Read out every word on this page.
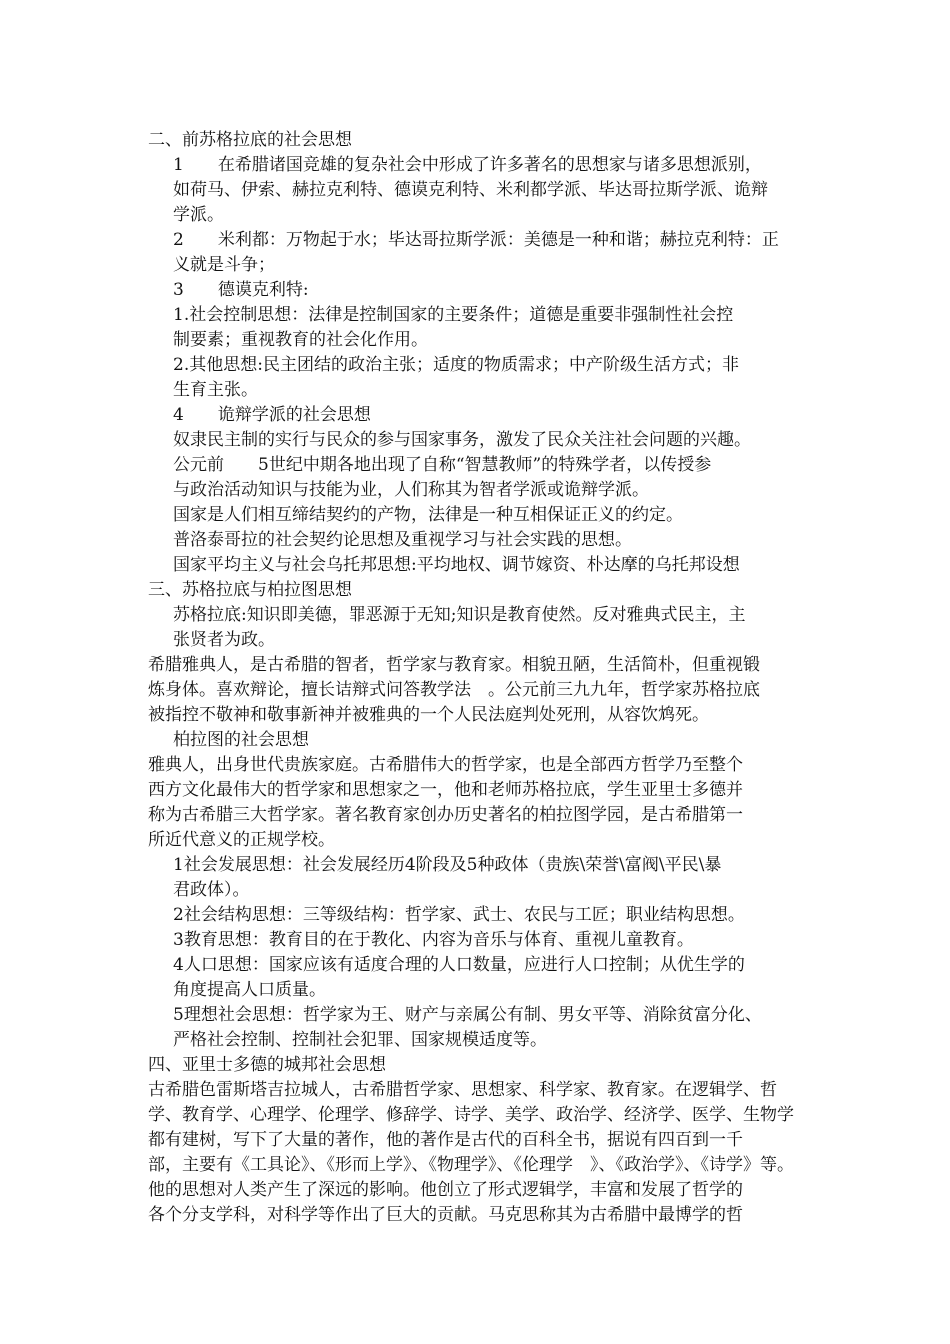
二、前苏格拉底的社会思想

1　　在希腊诸国竞雄的复杂社会中形成了许多著名的思想家与诸多思想派别，

如荷马、伊索、赫拉克利特、德谟克利特、米利都学派、毕达哥拉斯学派、诡辩

学派。

2　　米利都：万物起于水；毕达哥拉斯学派：美德是一种和谐；赫拉克利特：正

义就是斗争；

3　　德谟克利特:

1.社会控制思想：法律是控制国家的主要条件；道德是重要非强制性社会控

制要素；重视教育的社会化作用。

2.其他思想:民主团结的政治主张；适度的物质需求；中产阶级生活方式；非

生育主张。

4　　诡辩学派的社会思想

奴隶民主制的实行与民众的参与国家事务，激发了民众关注社会问题的兴趣。

公元前　　5世纪中期各地出现了自称“智慧教师”的特殊学者，以传授参

与政治活动知识与技能为业，人们称其为智者学派或诡辩学派。

国家是人们相互缔结契约的产物，法律是一种互相保证正义的约定。

普洛泰哥拉的社会契约论思想及重视学习与社会实践的思想。

国家平均主义与社会乌托邦思想:平均地权、调节嫁资、朴达摩的乌托邦设想

三、苏格拉底与柏拉图思想

苏格拉底:知识即美德，罪恶源于无知;知识是教育使然。反对雅典式民主，主

张贤者为政。

希腊雅典人，是古希腊的智者，哲学家与教育家。相貌丑陋，生活简朴，但重视锻

炼身体。喜欢辩论，擅长诘辩式问答教学法　。公元前三九九年，哲学家苏格拉底

被指控不敬神和敬事新神并被雅典的一个人民法庭判处死刑，从容饮鸩死。

柏拉图的社会思想

雅典人，出身世代贵族家庭。古希腊伟大的哲学家，也是全部西方哲学乃至整个

西方文化最伟大的哲学家和思想家之一，他和老师苏格拉底，学生亚里士多德并

称为古希腊三大哲学家。著名教育家创办历史著名的柏拉图学园，是古希腊第一

所近代意义的正规学校。

1社会发展思想：社会发展经历4阶段及5种政体（贵族\荣誉\富阀\平民\暴

君政体）。

2社会结构思想：三等级结构：哲学家、武士、农民与工匠；职业结构思想。

3教育思想：教育目的在于教化、内容为音乐与体育、重视儿童教育。

4人口思想：国家应该有适度合理的人口数量，应进行人口控制；从优生学的

角度提高人口质量。

5理想社会思想：哲学家为王、财产与亲属公有制、男女平等、消除贫富分化、

严格社会控制、控制社会犯罪、国家规模适度等。

四、亚里士多德的城邦社会思想

古希腊色雷斯塔吉拉城人，古希腊哲学家、思想家、科学家、教育家。在逻辑学、哲

学、教育学、心理学、伦理学、修辞学、诗学、美学、政治学、经济学、医学、生物学

都有建树，写下了大量的著作，他的著作是古代的百科全书，据说有四百到一千

部，主要有《工具论》、《形而上学》、《物理学》、《伦理学　》、《政治学》、《诗学》等。

他的思想对人类产生了深远的影响。他创立了形式逻辑学，丰富和发展了哲学的

各个分支学科，对科学等作出了巨大的贡献。马克思称其为古希腊中最博学的哲
